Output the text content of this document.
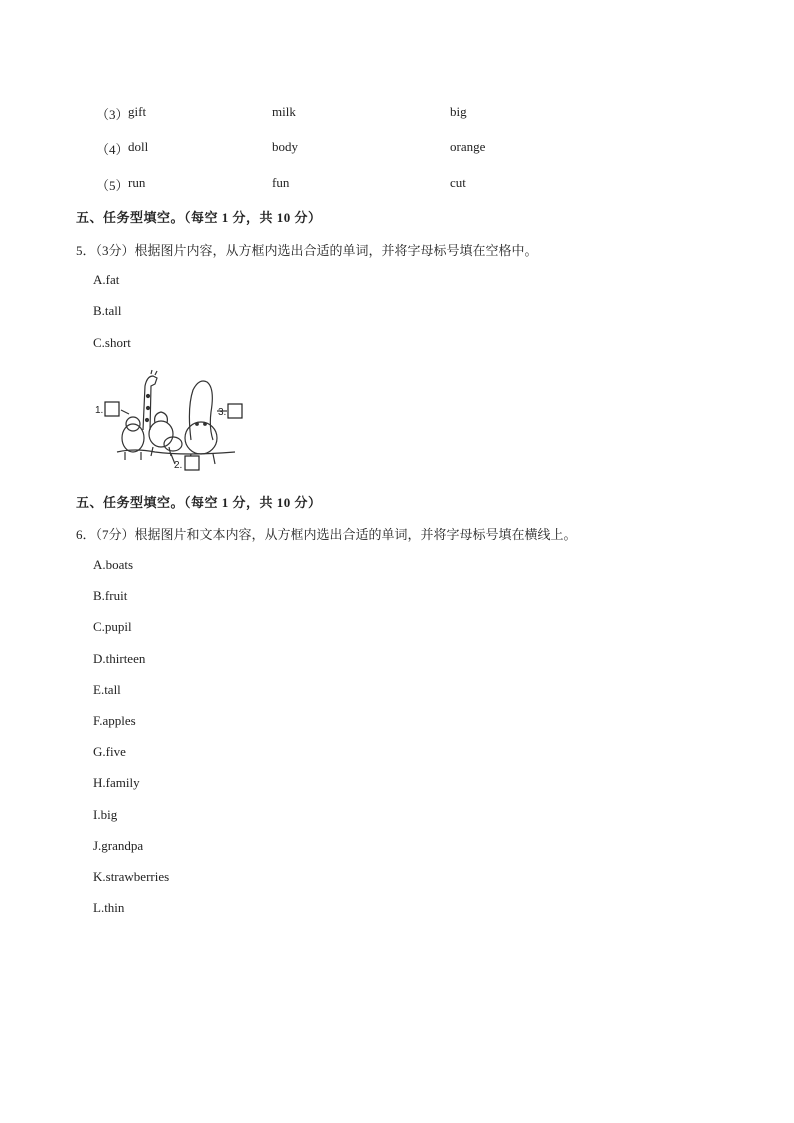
（3） gift	milk	big
（4） doll	body	orange
（5） run	fun	cut
五、任务型填空。（每空 1 分，共 10 分）
5．（3分）根据图片内容，从方框内选出合适的单词，并将字母标号填在空格中。
A.fat
B.tall
C.short
1.
2.
3.
五、任务型填空。（每空 1 分，共 10 分）
6．（7分）根据图片和文本内容，从方框内选出合适的单词，并将字母标号填在横线上。
A.boats
B.fruit
C.pupil
D.thirteen
E.tall
F.apples
G.five
H.family
I.big
J.grandpa
K.strawberries
L.thin
